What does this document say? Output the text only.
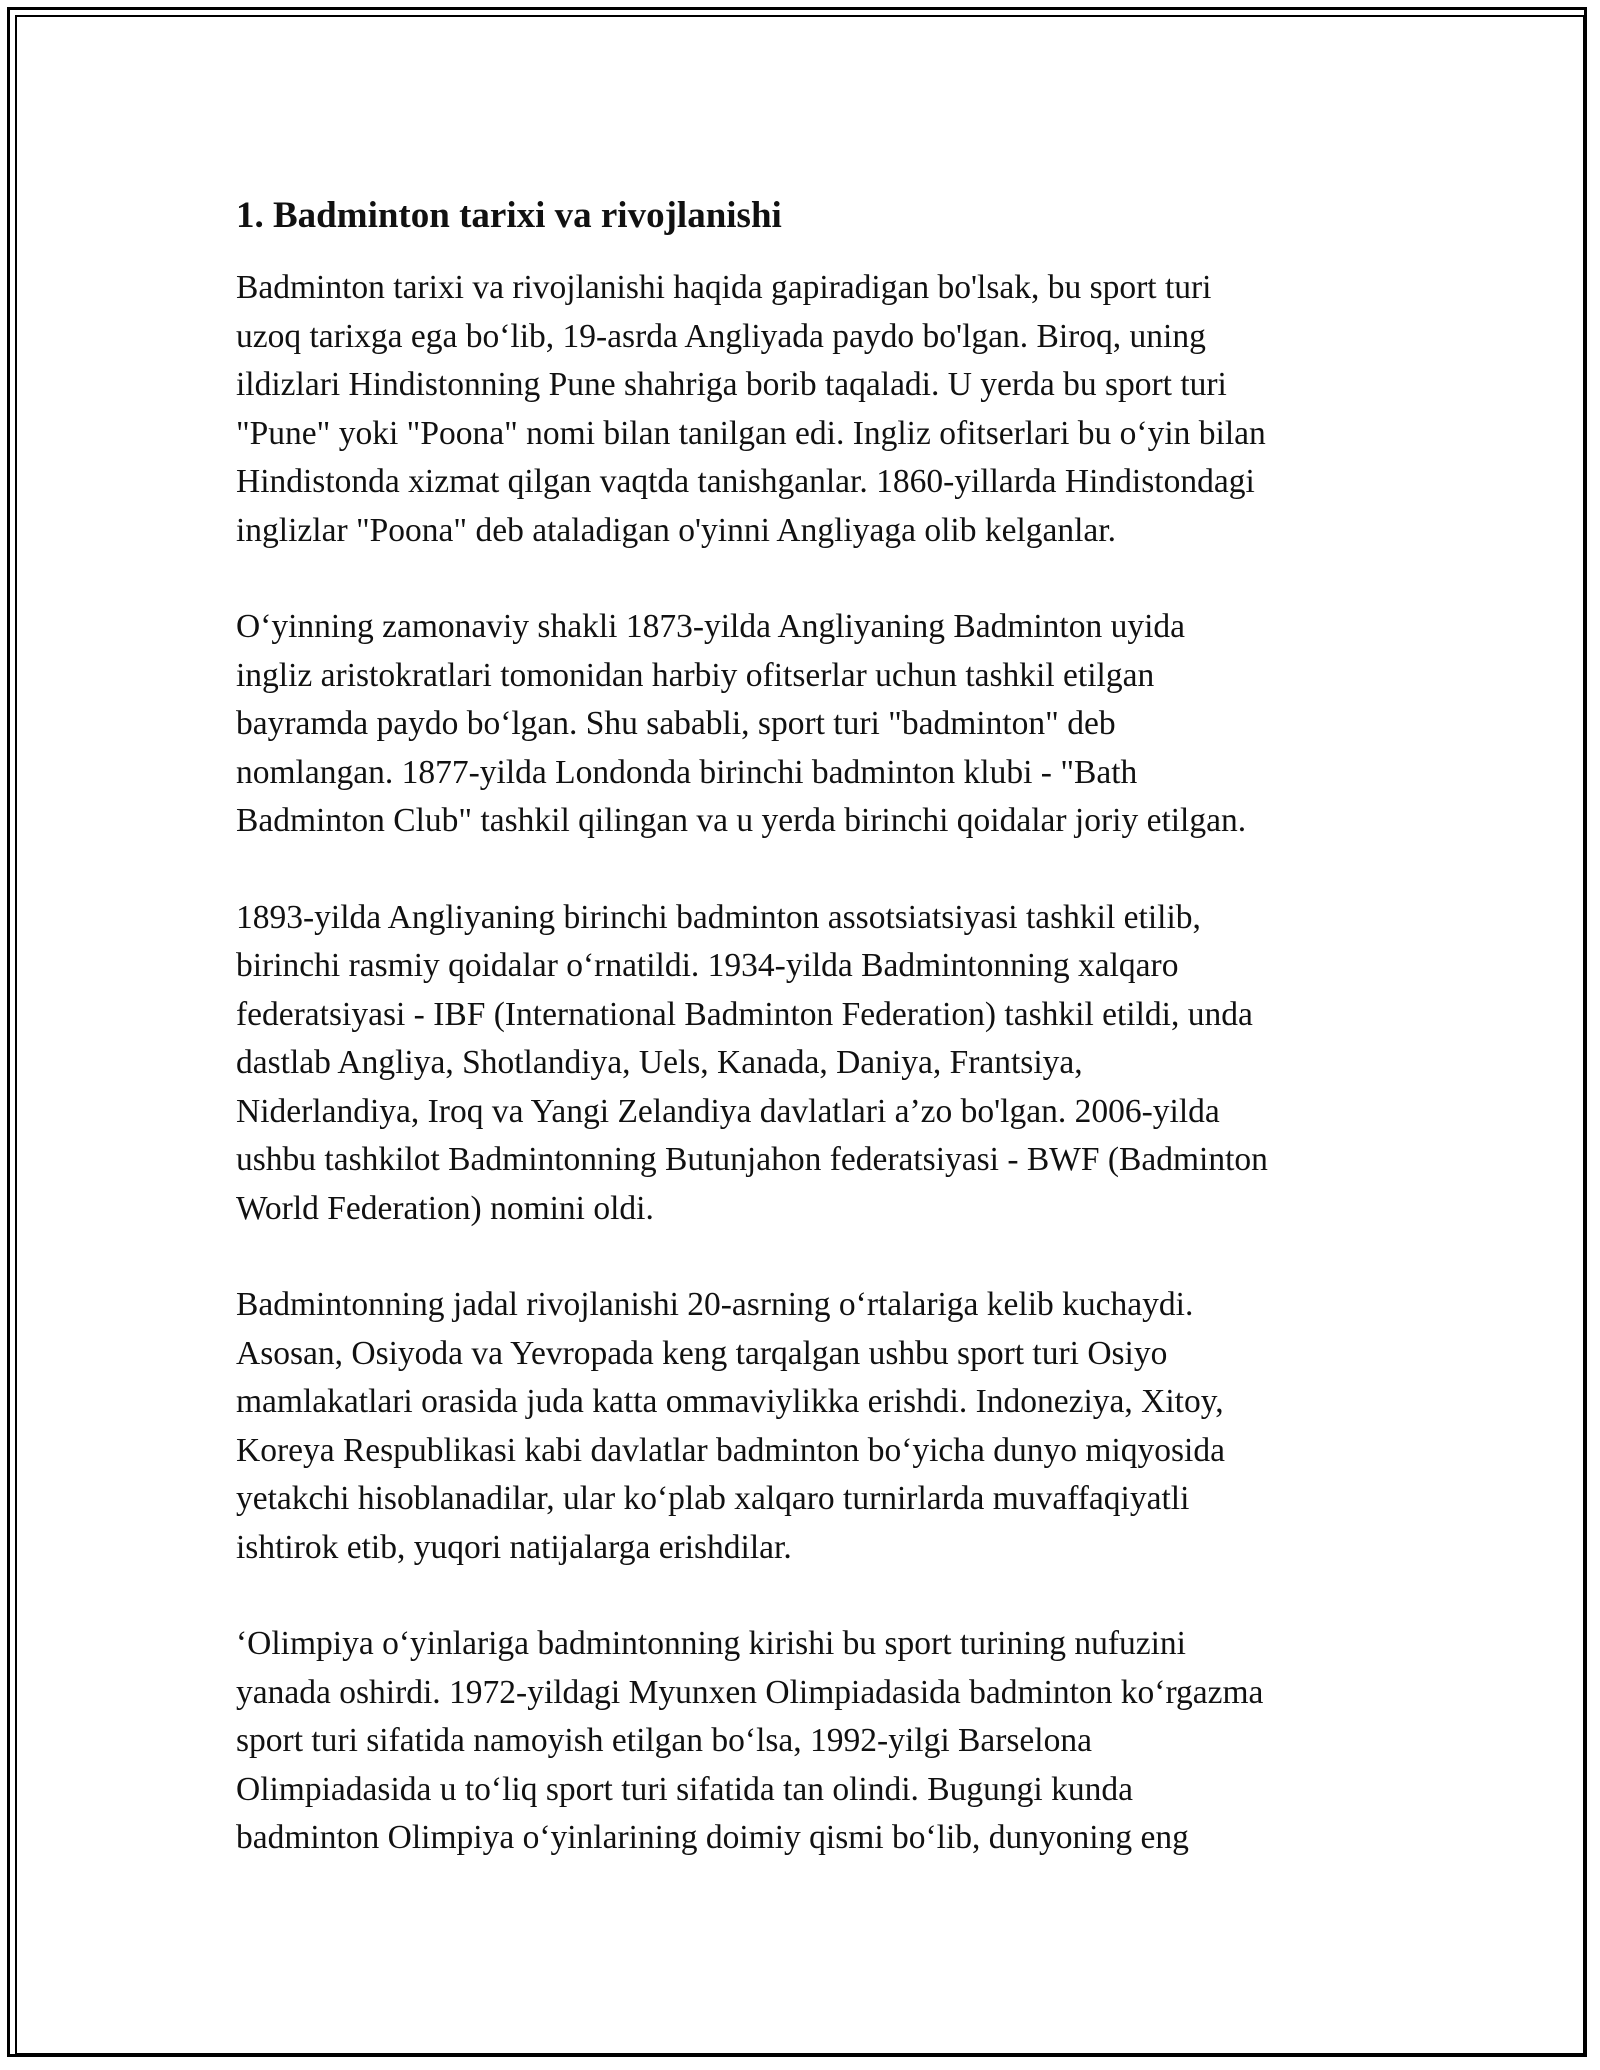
1. Badminton tarixi va rivojlanishi

Badminton tarixi va rivojlanishi haqida gapiradigan bo'lsak, bu sport turi
uzoq tarixga ega bo‘lib, 19-asrda Angliyada paydo bo'lgan. Biroq, uning
ildizlari Hindistonning Pune shahriga borib taqaladi. U yerda bu sport turi
"Pune" yoki "Poona" nomi bilan tanilgan edi. Ingliz ofitserlari bu o‘yin bilan
Hindistonda xizmat qilgan vaqtda tanishganlar. 1860-yillarda Hindistondagi
inglizlar "Poona" deb ataladigan o'yinni Angliyaga olib kelganlar.

O‘yinning zamonaviy shakli 1873-yilda Angliyaning Badminton uyida
ingliz aristokratlari tomonidan harbiy ofitserlar uchun tashkil etilgan
bayramda paydo bo‘lgan. Shu sababli, sport turi "badminton" deb
nomlangan. 1877-yilda Londonda birinchi badminton klubi - "Bath
Badminton Club" tashkil qilingan va u yerda birinchi qoidalar joriy etilgan.

1893-yilda Angliyaning birinchi badminton assotsiatsiyasi tashkil etilib,
birinchi rasmiy qoidalar o‘rnatildi. 1934-yilda Badmintonning xalqaro
federatsiyasi - IBF (International Badminton Federation) tashkil etildi, unda
dastlab Angliya, Shotlandiya, Uels, Kanada, Daniya, Frantsiya,
Niderlandiya, Iroq va Yangi Zelandiya davlatlari a’zo bo'lgan. 2006-yilda
ushbu tashkilot Badmintonning Butunjahon federatsiyasi - BWF (Badminton
World Federation) nomini oldi.

Badmintonning jadal rivojlanishi 20-asrning o‘rtalariga kelib kuchaydi.
Asosan, Osiyoda va Yevropada keng tarqalgan ushbu sport turi Osiyo
mamlakatlari orasida juda katta ommaviylikka erishdi. Indoneziya, Xitoy,
Koreya Respublikasi kabi davlatlar badminton bo‘yicha dunyo miqyosida
yetakchi hisoblanadilar, ular ko‘plab xalqaro turnirlarda muvaffaqiyatli
ishtirok etib, yuqori natijalarga erishdilar.

‘Olimpiya o‘yinlariga badmintonning kirishi bu sport turining nufuzini
yanada oshirdi. 1972-yildagi Myunxen Olimpiadasida badminton ko‘rgazma
sport turi sifatida namoyish etilgan bo‘lsa, 1992-yilgi Barselona
Olimpiadasida u to‘liq sport turi sifatida tan olindi. Bugungi kunda
badminton Olimpiya o‘yinlarining doimiy qismi bo‘lib, dunyoning eng
